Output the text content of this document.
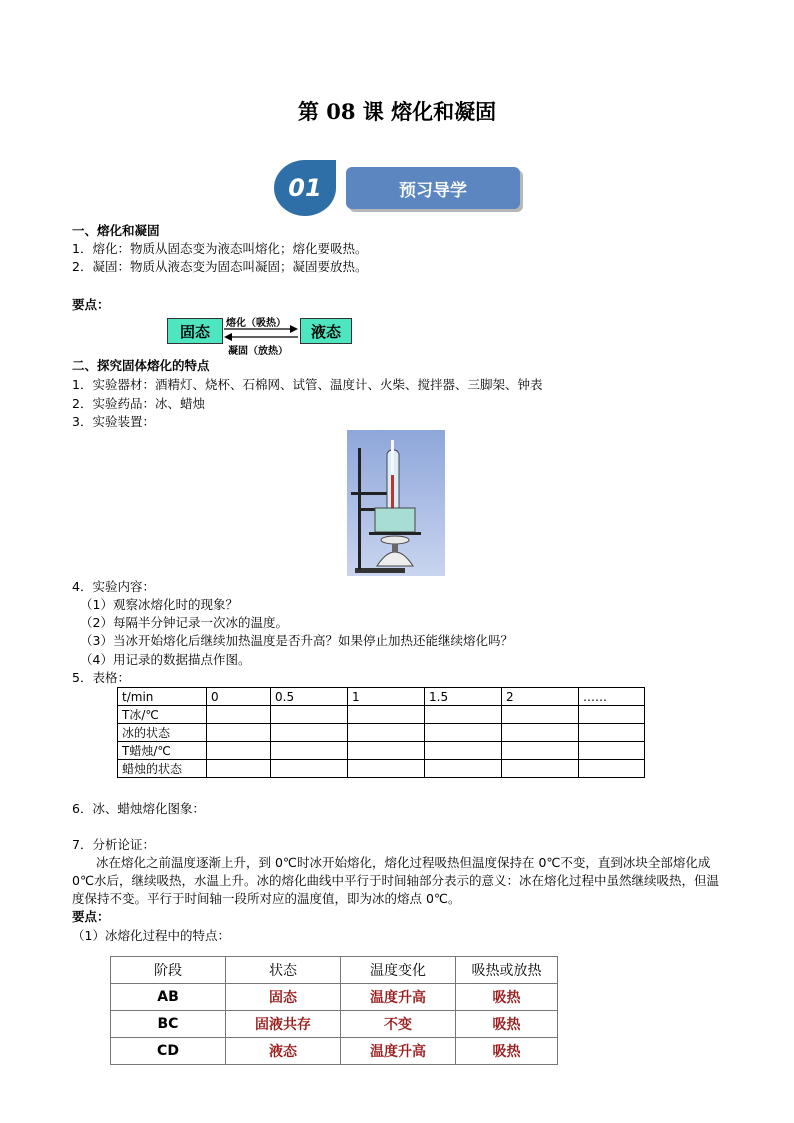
第 08 课 熔化和凝固
01	预习导学
一、熔化和凝固
1．熔化：物质从固态变为液态叫熔化；熔化要吸热。
2．凝固：物质从液态变为固态叫凝固；凝固要放热。
要点：
固态	液态
熔化（吸热）
凝固（放热）
二、探究固体熔化的特点
1．实验器材：酒精灯、烧杯、石棉网、试管、温度计、火柴、搅拌器、三脚架、钟表
2．实验药品：冰、蜡烛
3．实验装置：
4．实验内容：
（1）观察冰熔化时的现象？
（2）每隔半分钟记录一次冰的温度。
（3）当冰开始熔化后继续加热温度是否升高？如果停止加热还能继续熔化吗？
（4）用记录的数据描点作图。
5．表格：
t/min	0	0.5	1	1.5	2	……
T冰/℃						
冰的状态						
T蜡烛/℃						
蜡烛的状态						
6．冰、蜡烛熔化图象：
7．分析论证：
冰在熔化之前温度逐渐上升，到 0℃时冰开始熔化，熔化过程吸热但温度保持在 0℃不变，直到冰块全部熔化成 0℃水后，继续吸热，水温上升。冰的熔化曲线中平行于时间轴部分表示的意义：冰在熔化过程中虽然继续吸热，但温度保持不变。平行于时间轴一段所对应的温度值，即为冰的熔点 0℃。
要点：
（1）冰熔化过程中的特点：
阶段	状态	温度变化	吸热或放热
AB	固态	温度升高	吸热
BC	固液共存	不变	吸热
CD	液态	温度升高	吸热
